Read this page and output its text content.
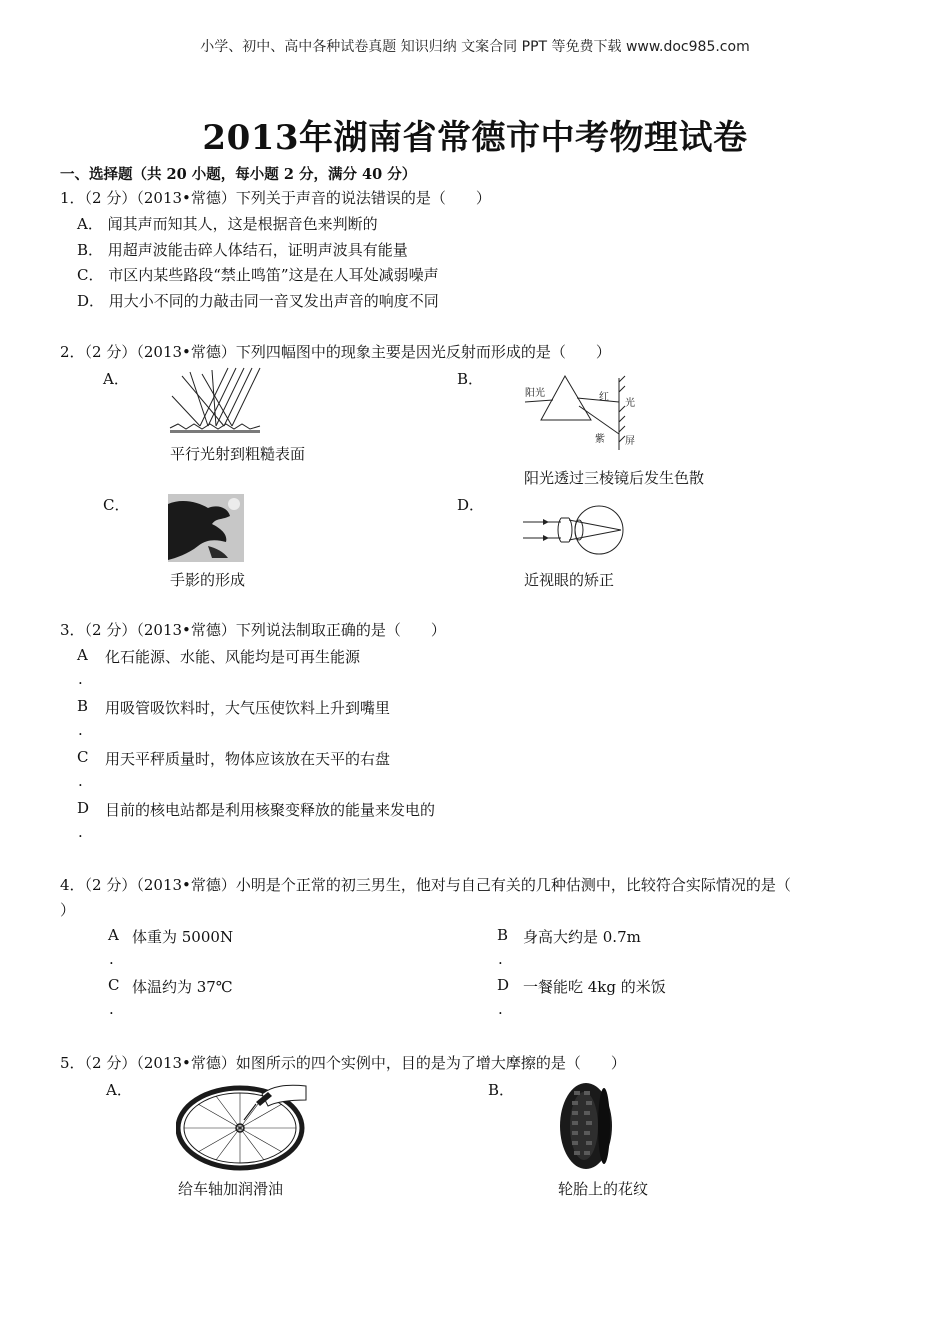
小学、初中、高中各种试卷真题 知识归纳 文案合同 PPT 等免费下载 www.doc985.com
2013年湖南省常德市中考物理试卷
一、选择题（共 20 小题，每小题 2 分，满分 40 分）
1．（2 分）（2013•常德）下列关于声音的说法错误的是（　　）
A． 闻其声而知其人，这是根据音色来判断的
B． 用超声波能击碎人体结石，证明声波具有能量
C． 市区内某些路段“禁止鸣笛”这是在人耳处减弱噪声
D． 用大小不同的力敲击同一音叉发出声音的响度不同
2．（2 分）（2013•常德）下列四幅图中的现象主要是因光反射而形成的是（　　）
A．
平行光射到粗糙表面
B．
阳光	红
光
紫 屏
阳光透过三棱镜后发生色散
C．
手影的形成
D．
近视眼的矫正
3．（2 分）（2013•常德）下列说法制取正确的是（　　）
A 化石能源、水能、风能均是可再生能源
.
B 用吸管吸饮料时，大气压使饮料上升到嘴里
.
C 用天平秤质量时，物体应该放在天平的右盘
.
D 目前的核电站都是利用核聚变释放的能量来发电的
.
4．（2 分）（2013•常德）小明是个正常的初三男生，他对与自己有关的几种估测中，比较符合实际情况的是（
）
A 体重为 5000N
.
B 身高大约是 0.7m
.
C 体温约为 37℃
.
D 一餐能吃 4kg 的米饭
.
5．（2 分）（2013•常德）如图所示的四个实例中，目的是为了增大摩擦的是（　　）
A．
给车轴加润滑油
B．
轮胎上的花纹
